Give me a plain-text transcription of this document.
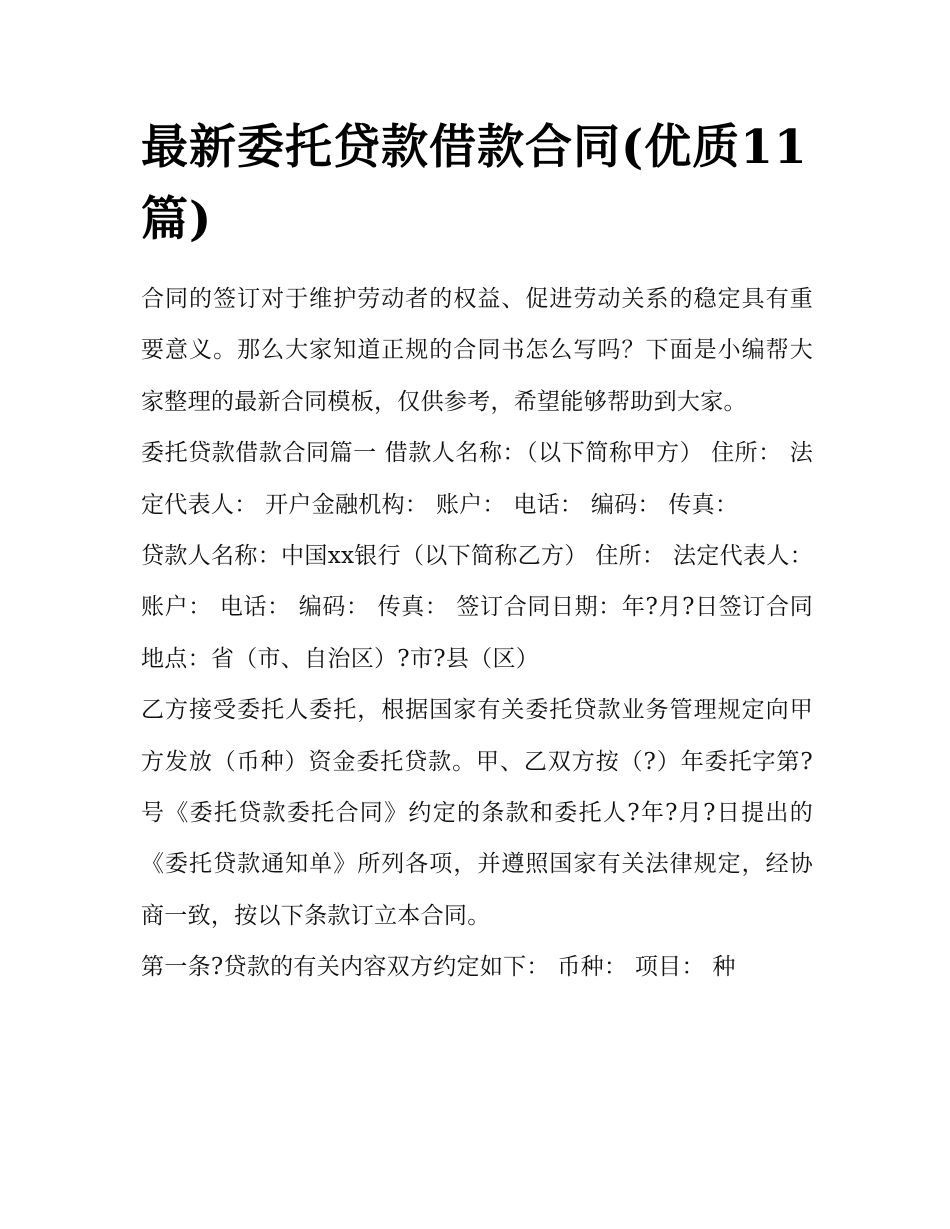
最新委托贷款借款合同(优质11篇)

合同的签订对于维护劳动者的权益、促进劳动关系的稳定具有重要意义。那么大家知道正规的合同书怎么写吗？下面是小编帮大家整理的最新合同模板，仅供参考，希望能够帮助到大家。

委托贷款借款合同篇一 借款人名称：（以下简称甲方） 住所： 法定代表人： 开户金融机构： 账户： 电话： 编码： 传真：

贷款人名称：中国xx银行（以下简称乙方） 住所： 法定代表人： 账户： 电话： 编码： 传真： 签订合同日期：年?月?日签订合同地点：省（市、自治区）?市?县（区）

乙方接受委托人委托，根据国家有关委托贷款业务管理规定向甲方发放（币种）资金委托贷款。甲、乙双方按（?）年委托字第?号《委托贷款委托合同》约定的条款和委托人?年?月?日提出的《委托贷款通知单》所列各项，并遵照国家有关法律规定，经协商一致，按以下条款订立本合同。

第一条?贷款的有关内容双方约定如下： 币种： 项目： 种
